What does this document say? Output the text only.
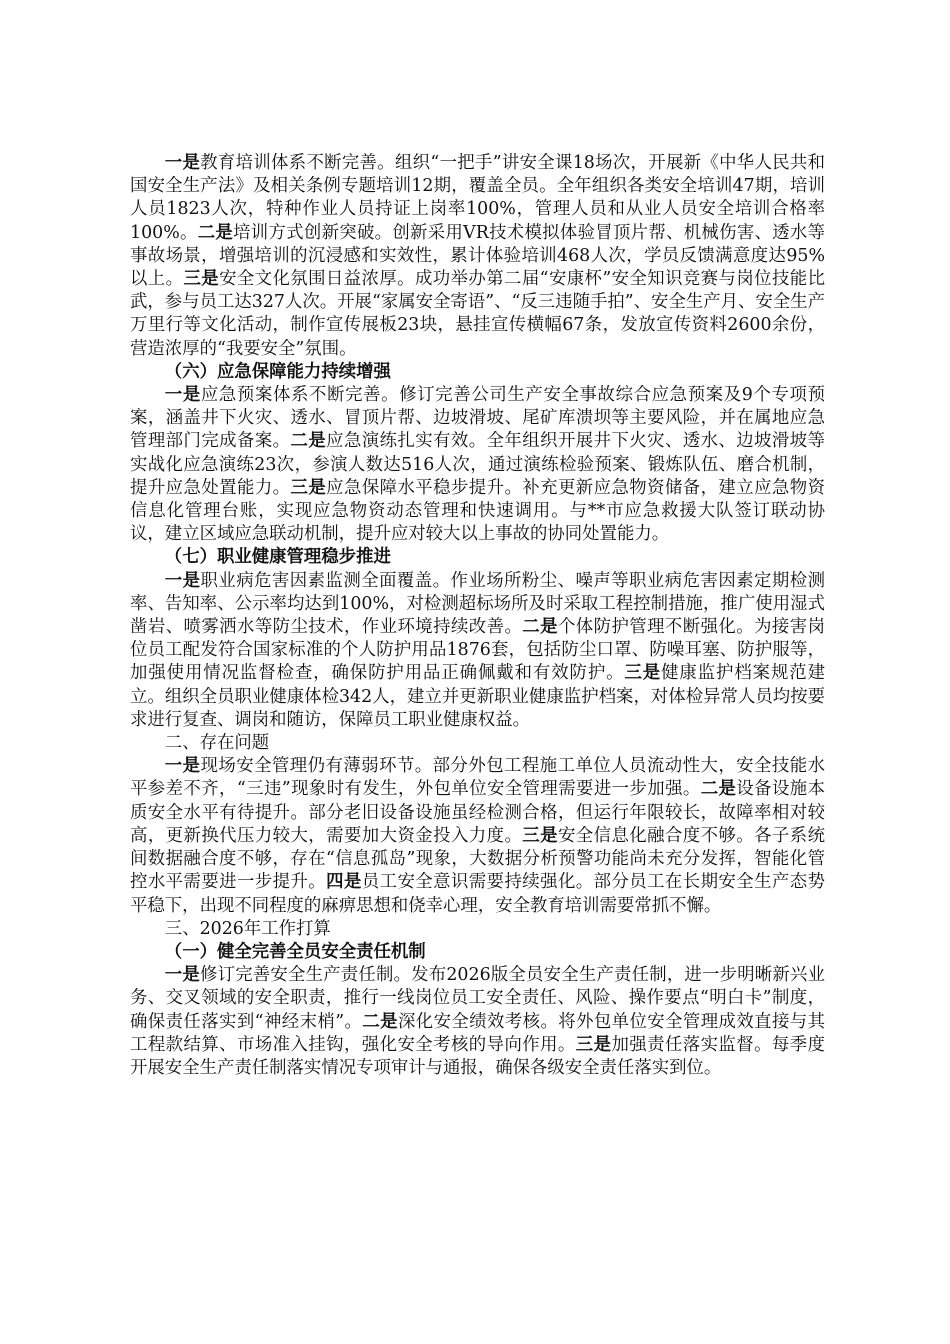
一是教育培训体系不断完善。组织“一把手”讲安全课18场次，开展新《中华人民共和国安全生产法》及相关条例专题培训12期，覆盖全员。全年组织各类安全培训47期，培训人员1823人次，特种作业人员持证上岗率100%，管理人员和从业人员安全培训合格率100%。二是培训方式创新突破。创新采用VR技术模拟体验冒顶片帮、机械伤害、透水等事故场景，增强培训的沉浸感和实效性，累计体验培训468人次，学员反馈满意度达95%以上。三是安全文化氛围日益浓厚。成功举办第二届“安康杯”安全知识竞赛与岗位技能比武，参与员工达327人次。开展“家属安全寄语”、“反三违随手拍”、安全生产月、安全生产万里行等文化活动，制作宣传展板23块，悬挂宣传横幅67条，发放宣传资料2600余份，营造浓厚的“我要安全”氛围。

（六）应急保障能力持续增强

一是应急预案体系不断完善。修订完善公司生产安全事故综合应急预案及9个专项预案，涵盖井下火灾、透水、冒顶片帮、边坡滑坡、尾矿库溃坝等主要风险，并在属地应急管理部门完成备案。二是应急演练扎实有效。全年组织开展井下火灾、透水、边坡滑坡等实战化应急演练23次，参演人数达516人次，通过演练检验预案、锻炼队伍、磨合机制，提升应急处置能力。三是应急保障水平稳步提升。补充更新应急物资储备，建立应急物资信息化管理台账，实现应急物资动态管理和快速调用。与**市应急救援大队签订联动协议，建立区域应急联动机制，提升应对较大以上事故的协同处置能力。

（七）职业健康管理稳步推进

一是职业病危害因素监测全面覆盖。作业场所粉尘、噪声等职业病危害因素定期检测率、告知率、公示率均达到100%，对检测超标场所及时采取工程控制措施，推广使用湿式凿岩、喷雾洒水等防尘技术，作业环境持续改善。二是个体防护管理不断强化。为接害岗位员工配发符合国家标准的个人防护用品1876套，包括防尘口罩、防噪耳塞、防护服等，加强使用情况监督检查，确保防护用品正确佩戴和有效防护。三是健康监护档案规范建立。组织全员职业健康体检342人，建立并更新职业健康监护档案，对体检异常人员均按要求进行复查、调岗和随访，保障员工职业健康权益。

二、存在问题

一是现场安全管理仍有薄弱环节。部分外包工程施工单位人员流动性大，安全技能水平参差不齐，“三违”现象时有发生，外包单位安全管理需要进一步加强。二是设备设施本质安全水平有待提升。部分老旧设备设施虽经检测合格，但运行年限较长，故障率相对较高，更新换代压力较大，需要加大资金投入力度。三是安全信息化融合度不够。各子系统间数据融合度不够，存在“信息孤岛”现象，大数据分析预警功能尚未充分发挥，智能化管控水平需要进一步提升。四是员工安全意识需要持续强化。部分员工在长期安全生产态势平稳下，出现不同程度的麻痹思想和侥幸心理，安全教育培训需要常抓不懈。

三、2026年工作打算
（一）健全完善全员安全责任机制

一是修订完善安全生产责任制。发布2026版全员安全生产责任制，进一步明晰新兴业务、交叉领域的安全职责，推行一线岗位员工安全责任、风险、操作要点“明白卡”制度，确保责任落实到“神经末梢”。二是深化安全绩效考核。将外包单位安全管理成效直接与其工程款结算、市场准入挂钩，强化安全考核的导向作用。三是加强责任落实监督。每季度开展安全生产责任制落实情况专项审计与通报，确保各级安全责任落实到位。
